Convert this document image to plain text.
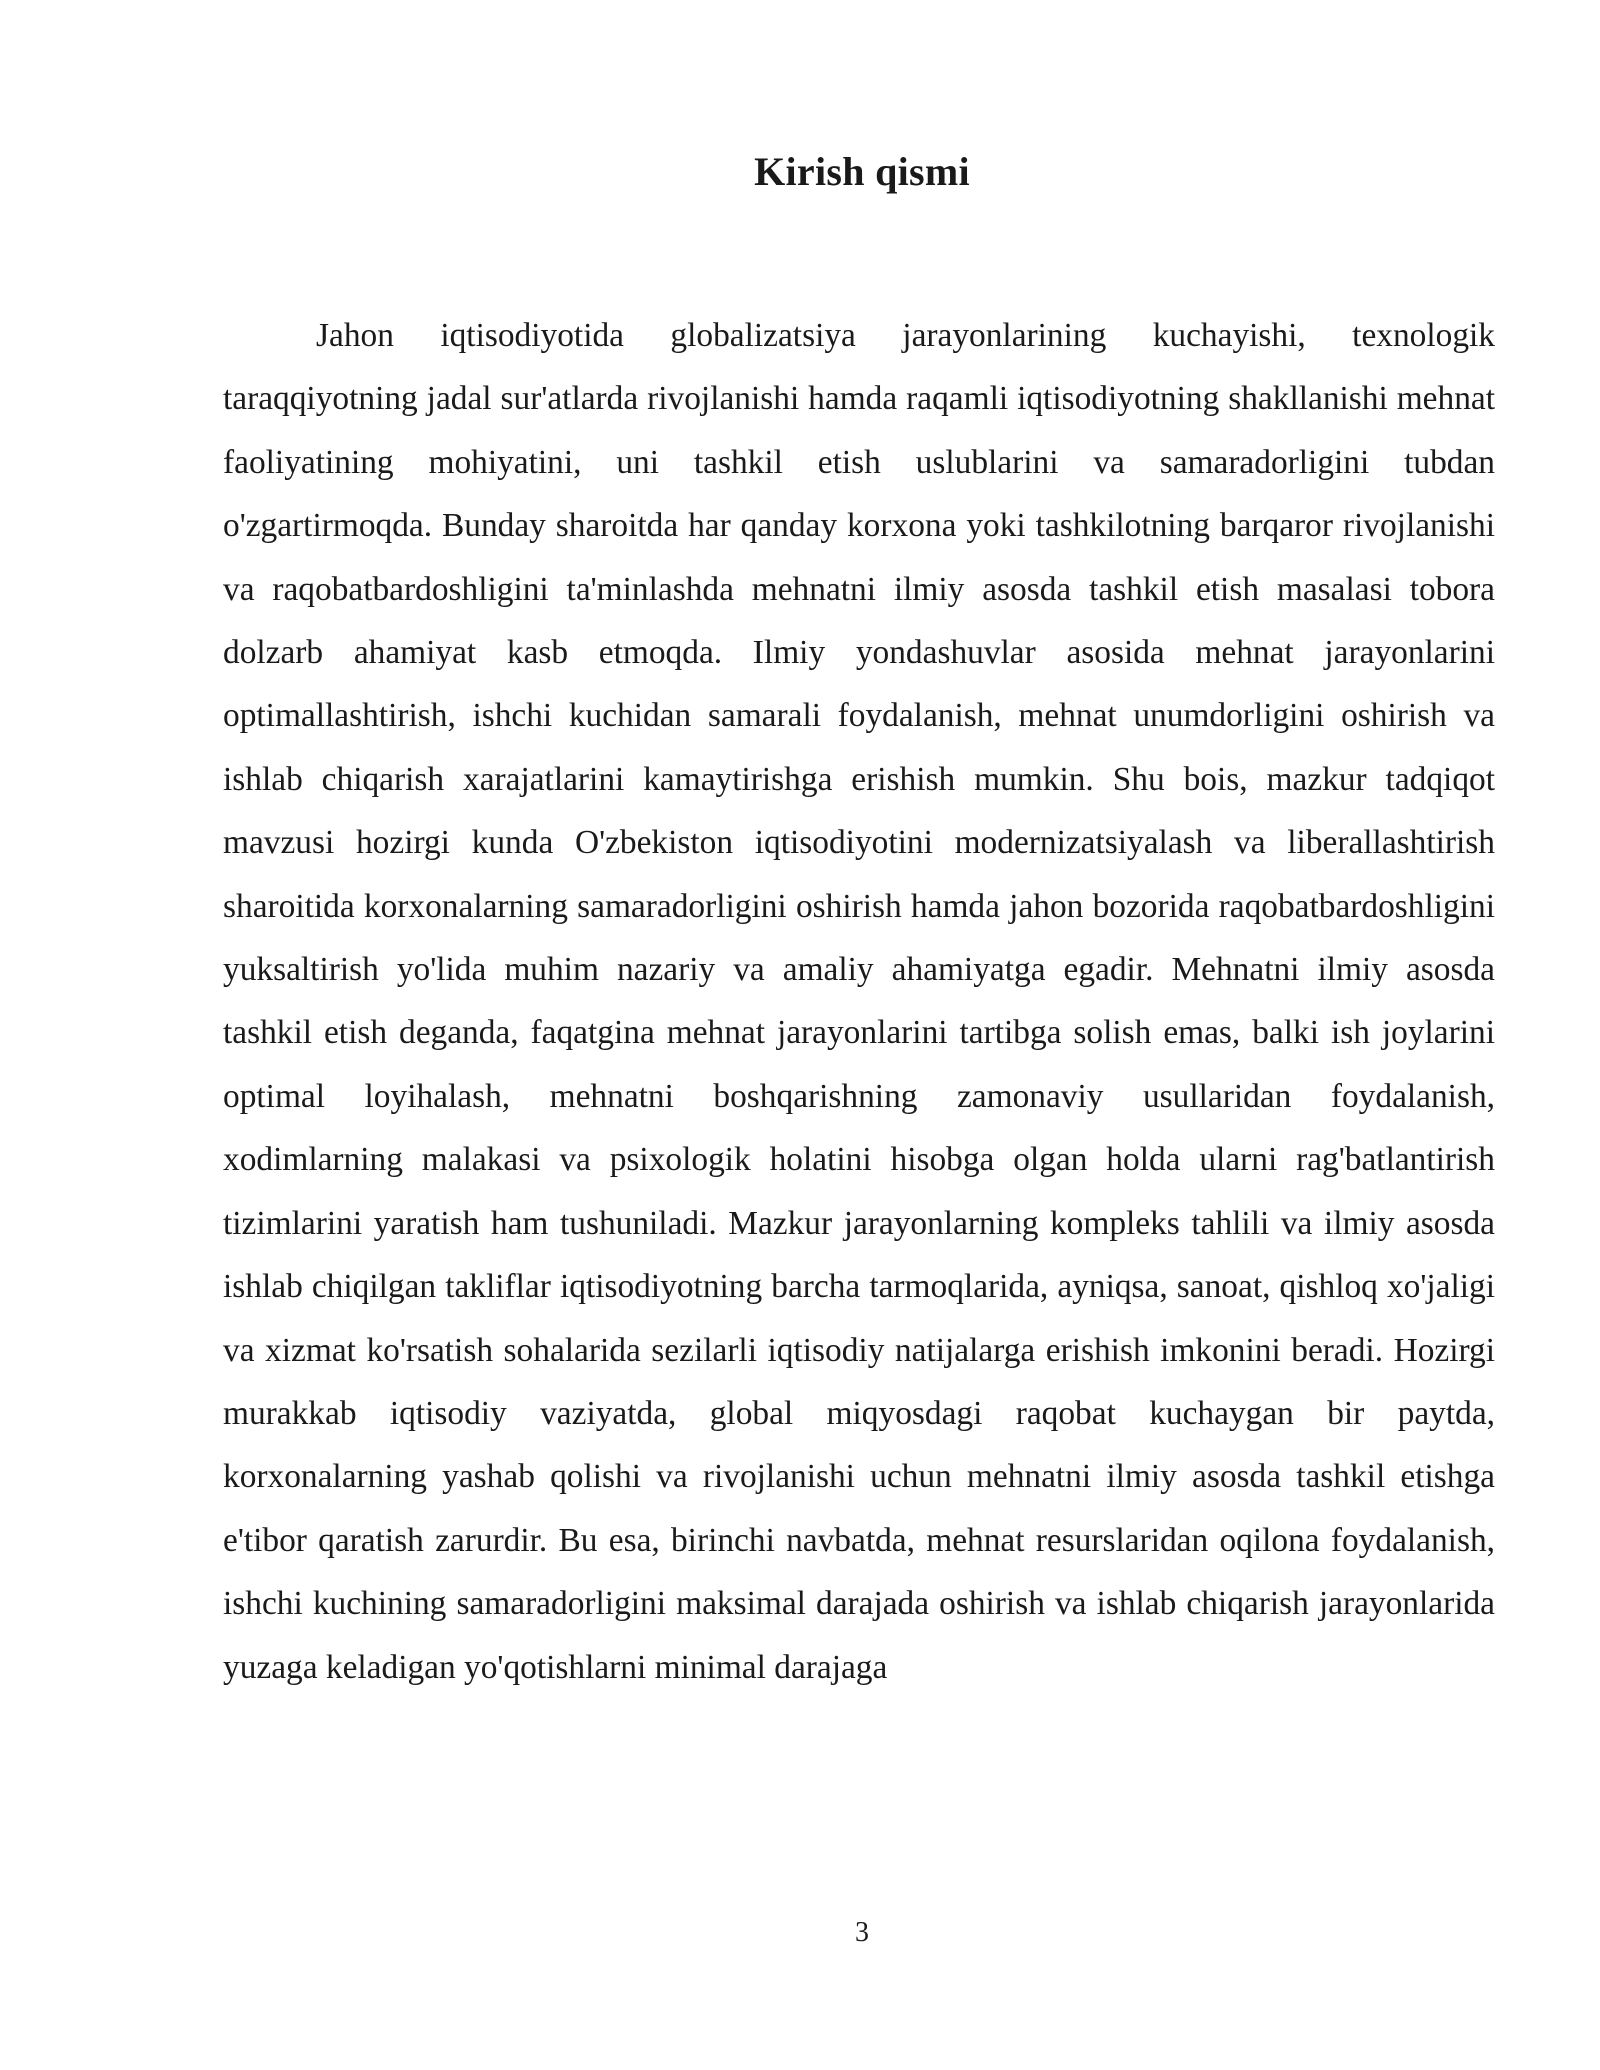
Kirish qismi

Jahon iqtisodiyotida globalizatsiya jarayonlarining kuchayishi, texnologik taraqqiyotning jadal sur'atlarda rivojlanishi hamda raqamli iqtisodiyotning shakllanishi mehnat faoliyatining mohiyatini, uni tashkil etish uslublarini va samaradorligini tubdan o'zgartirmoqda. Bunday sharoitda har qanday korxona yoki tashkilotning barqaror rivojlanishi va raqobatbardoshligini ta'minlashda mehnatni ilmiy asosda tashkil etish masalasi tobora dolzarb ahamiyat kasb etmoqda. Ilmiy yondashuvlar asosida mehnat jarayonlarini optimallashtirish, ishchi kuchidan samarali foydalanish, mehnat unumdorligini oshirish va ishlab chiqarish xarajatlarini kamaytirishga erishish mumkin. Shu bois, mazkur tadqiqot mavzusi hozirgi kunda O'zbekiston iqtisodiyotini modernizatsiyalash va liberallashtirish sharoitida korxonalarning samaradorligini oshirish hamda jahon bozorida raqobatbardoshligini yuksaltirish yo'lida muhim nazariy va amaliy ahamiyatga egadir. Mehnatni ilmiy asosda tashkil etish deganda, faqatgina mehnat jarayonlarini tartibga solish emas, balki ish joylarini optimal loyihalash, mehnatni boshqarishning zamonaviy usullaridan foydalanish, xodimlarning malakasi va psixologik holatini hisobga olgan holda ularni rag'batlantirish tizimlarini yaratish ham tushuniladi. Mazkur jarayonlarning kompleks tahlili va ilmiy asosda ishlab chiqilgan takliflar iqtisodiyotning barcha tarmoqlarida, ayniqsa, sanoat, qishloq xo'jaligi va xizmat ko'rsatish sohalarida sezilarli iqtisodiy natijalarga erishish imkonini beradi. Hozirgi murakkab iqtisodiy vaziyatda, global miqyosdagi raqobat kuchaygan bir paytda, korxonalarning yashab qolishi va rivojlanishi uchun mehnatni ilmiy asosda tashkil etishga e'tibor qaratish zarurdir. Bu esa, birinchi navbatda, mehnat resurslaridan oqilona foydalanish, ishchi kuchining samaradorligini maksimal darajada oshirish va ishlab chiqarish jarayonlarida yuzaga keladigan yo'qotishlarni minimal darajaga

3
